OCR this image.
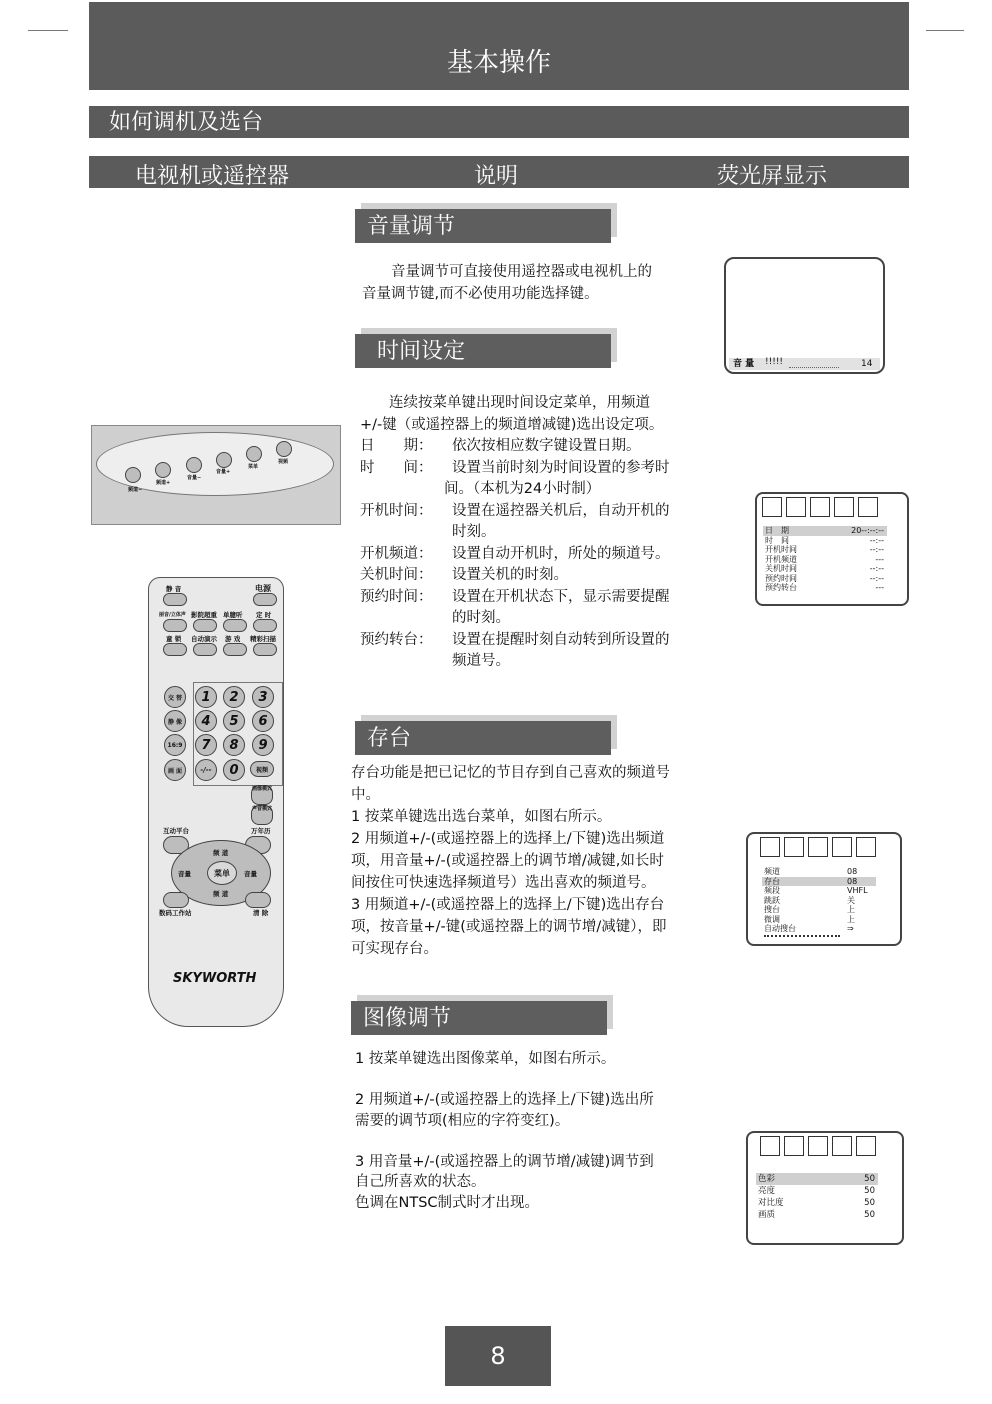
基本操作
如何调机及选台
电视机或遥控器	说明	荧光屏显示
音量调节
　　音量调节可直接使用遥控器或电视机上的
音量调节键,而不必使用功能选择键。
音 量 !!!!!	14
时间设定
　　连续按菜单键出现时间设定菜单，用频道
+/-键（或遥控器上的频道增减键)选出设定项。
日　　期：	依次按相应数字键设置日期。
时　　间：	设置当前时刻为时间设置的参考时
间。（本机为24小时制）
开机时间：	设置在遥控器关机后，自动开机的
时刻。
开机频道：	设置自动开机时，所处的频道号。
关机时间：	设置关机的时刻。
预约时间：	设置在开机状态下，显示需要提醒
的时刻。
预约转台：	设置在提醒时刻自动转到所设置的
频道号。
日　期	20--:--:--
时　间	--:--
开机时间	--:--
开机频道	---
关机时间	--:--
预约时间	--:--
预约转台	---
频道−
频道+
音量−
音量+
菜单
视频
静 音	电源
丽音/立体声 影院超重 单臆听 定 时
童 锁 自动演示 游 戏 精彩扫描
交 替
静 像
16:9
画 面
1	2	3
4	5	6
7	8	9
-/--	0	视频
画像模式
声音模式
互动平台	万年历
频 道
频 道
音量	音量
菜单
数码工作站	清 除
SKYWORTH
存台
存台功能是把已记忆的节目存到自己喜欢的频道号
中。
1 按菜单键选出选台菜单，如图右所示。
2 用频道+/-(或遥控器上的选择上/下键)选出频道
项，用音量+/-(或遥控器上的调节增/减键,如长时
间按住可快速选择频道号）选出喜欢的频道号。
3 用频道+/-(或遥控器上的选择上/下键)选出存台
项，按音量+/-键(或遥控器上的调节增/减键），即
可实现存台。
频道	08
存台	08
频段	VHFL
跳跃	关
搜台	上
微调	上
自动搜台	⇒
图像调节
1 按菜单键选出图像菜单，如图右所示。
2 用频道+/-(或遥控器上的选择上/下键)选出所
需要的调节项(相应的字符变红)。
3 用音量+/-(或遥控器上的调节增/减键)调节到
自己所喜欢的状态。
色调在NTSC制式时才出现。
色彩	50
亮度	50
对比度	50
画质	50
8
